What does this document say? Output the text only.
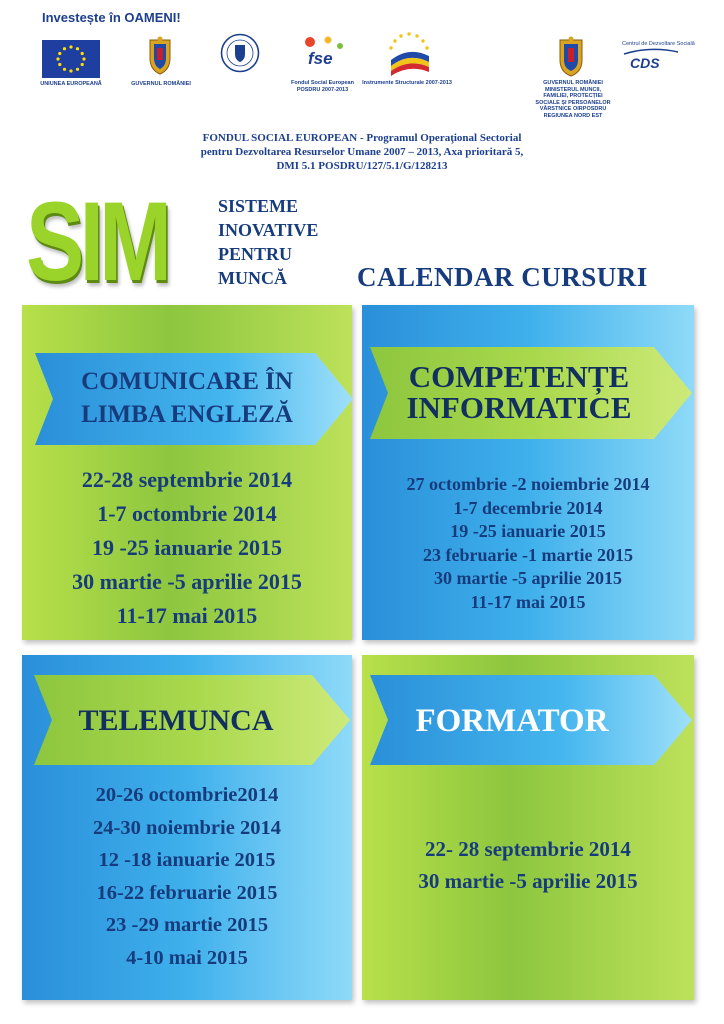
Investește în OAMENI!
UNIUNEA EUROPEANĂ	GUVERNUL ROMÂNIEI
fse
Fondul Social European POSDRU 2007-2013
Instrumente Structurale 2007-2013	GUVERNUL ROMÂNIEI MINISTERUL MUNCII, FAMILIEI, PROTECȚIEI SOCIALE ȘI PERSOANELOR VÂRSTNICE OIRPOSDRU REGIUNEA NORD EST
Centrul de Dezvoltare Socială
CDS
FONDUL SOCIAL EUROPEAN - Programul Operaţional Sectorial
pentru Dezvoltarea Resurselor Umane 2007 – 2013, Axa prioritară 5,
DMI 5.1 POSDRU/127/5.1/G/128213
SIM	SISTEME
INOVATIVE
PENTRU
MUNCĂ	CALENDAR CURSURI
COMUNICARE ÎN
LIMBA ENGLEZĂ
22-28 septembrie 2014
1-7 octombrie 2014
19 -25 ianuarie 2015
30 martie -5 aprilie 2015
11-17 mai 2015
COMPETENȚE
INFORMATICE
27 octombrie -2 noiembrie 2014
1-7 decembrie 2014
19 -25 ianuarie 2015
23 februarie -1 martie 2015
30 martie -5 aprilie 2015
11-17 mai 2015
TELEMUNCA
20-26 octombrie2014
24-30 noiembrie 2014
12 -18 ianuarie 2015
16-22 februarie 2015
23 -29 martie 2015
4-10 mai 2015
FORMATOR
22- 28 septembrie 2014
30 martie -5 aprilie 2015
